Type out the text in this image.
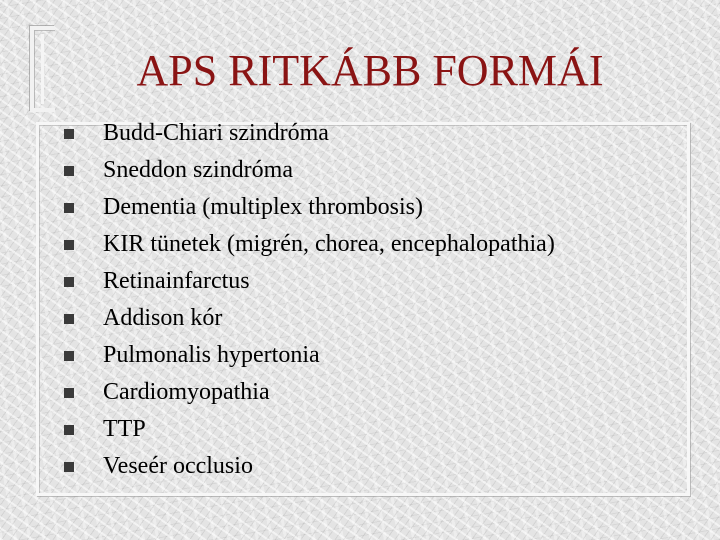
APS RITKÁBB FORMÁI
Budd-Chiari szindróma
Sneddon szindróma
Dementia (multiplex thrombosis)
KIR tünetek (migrén, chorea, encephalopathia)
Retinainfarctus
Addison kór
Pulmonalis hypertonia
Cardiomyopathia
TTP
Veseér occlusio
